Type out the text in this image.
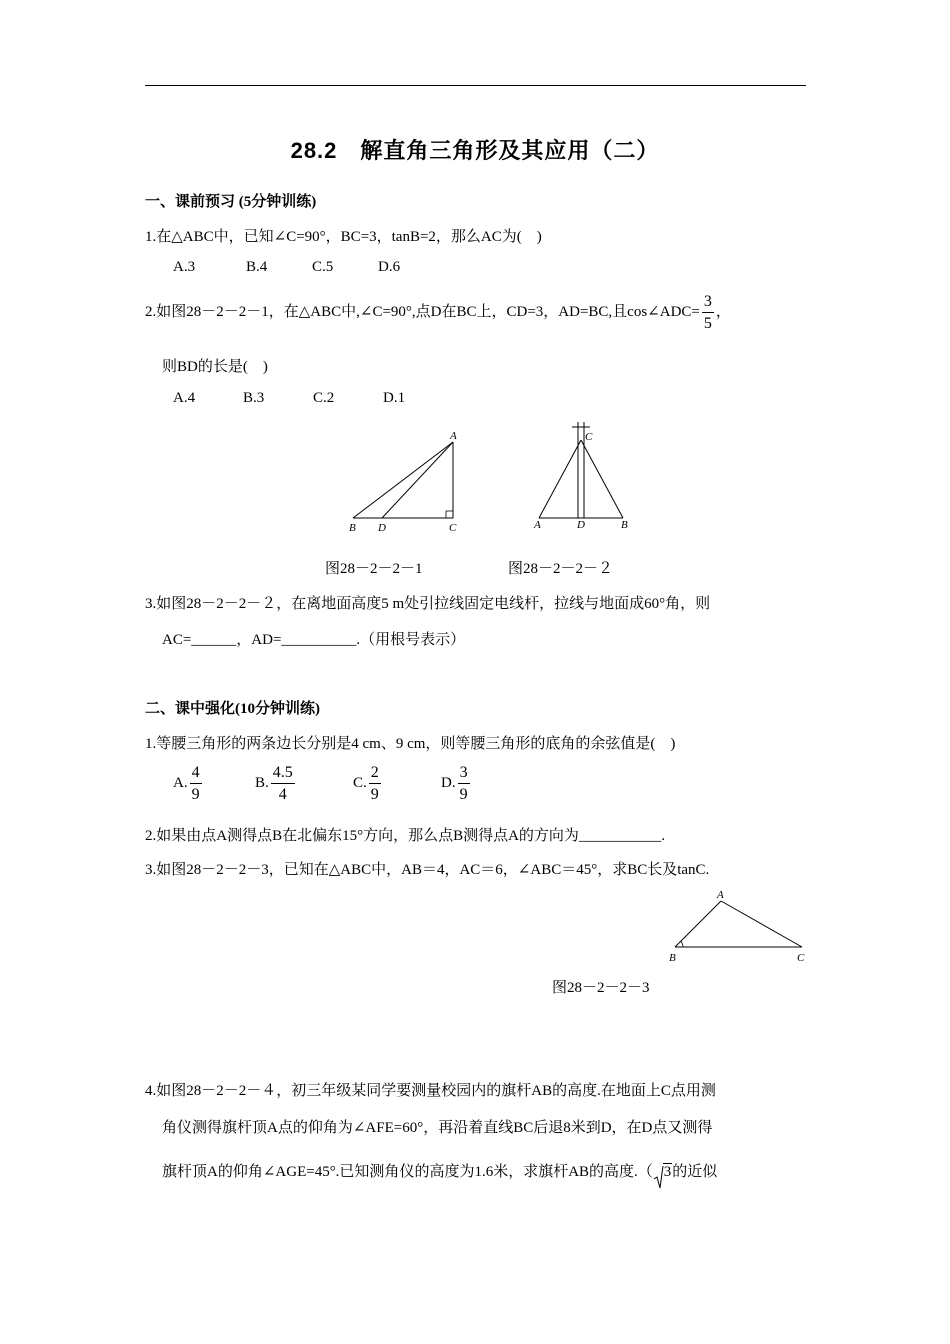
28.2　解直角三角形及其应用（二）
一、课前预习 (5分钟训练)
1.在△ABC中，已知∠C=90°，BC=3，tanB=2，那么AC为(　)
A.3	B.4	C.5	D.6
2.如图28－2－2－1，在△ABC中,∠C=90°,点D在BC上，CD=3，AD=BC,且cos∠ADC= $\frac{3}{5}$ ，
则BD的长是(　)
A.4	B.3	C.2	D.1
A
B D	C
C
A	D	B
图28－2－2－1	图28－2－2－２
3.如图28－2－2－２，在离地面高度5 m处引拉线固定电线杆，拉线与地面成60°角，则
AC=______，AD=__________.（用根号表示）
二、课中强化(10分钟训练)
1.等腰三角形的两条边长分别是4 cm、9 cm，则等腰三角形的底角的余弦值是(　)
A. $\frac{4}{9}$	B. $\frac{4.5}{4}$	C. $\frac{2}{9}$	D. $\frac{3}{9}$
2.如果由点A测得点B在北偏东15°方向，那么点B测得点A的方向为___________.
3.如图28－2－2－3，已知在△ABC中，AB＝4，AC＝6，∠ABC＝45°，求BC长及tanC.
A
B	C
图28－2－2－3
4.如图28－2－2－４，初三年级某同学要测量校园内的旗杆AB的高度.在地面上C点用测
角仪测得旗杆顶A点的仰角为∠AFE=60°，再沿着直线BC后退8米到D，在D点又测得
旗杆顶A的仰角∠AGE=45°.已知测角仪的高度为1.6米，求旗杆AB的高度.（ 3的近似
